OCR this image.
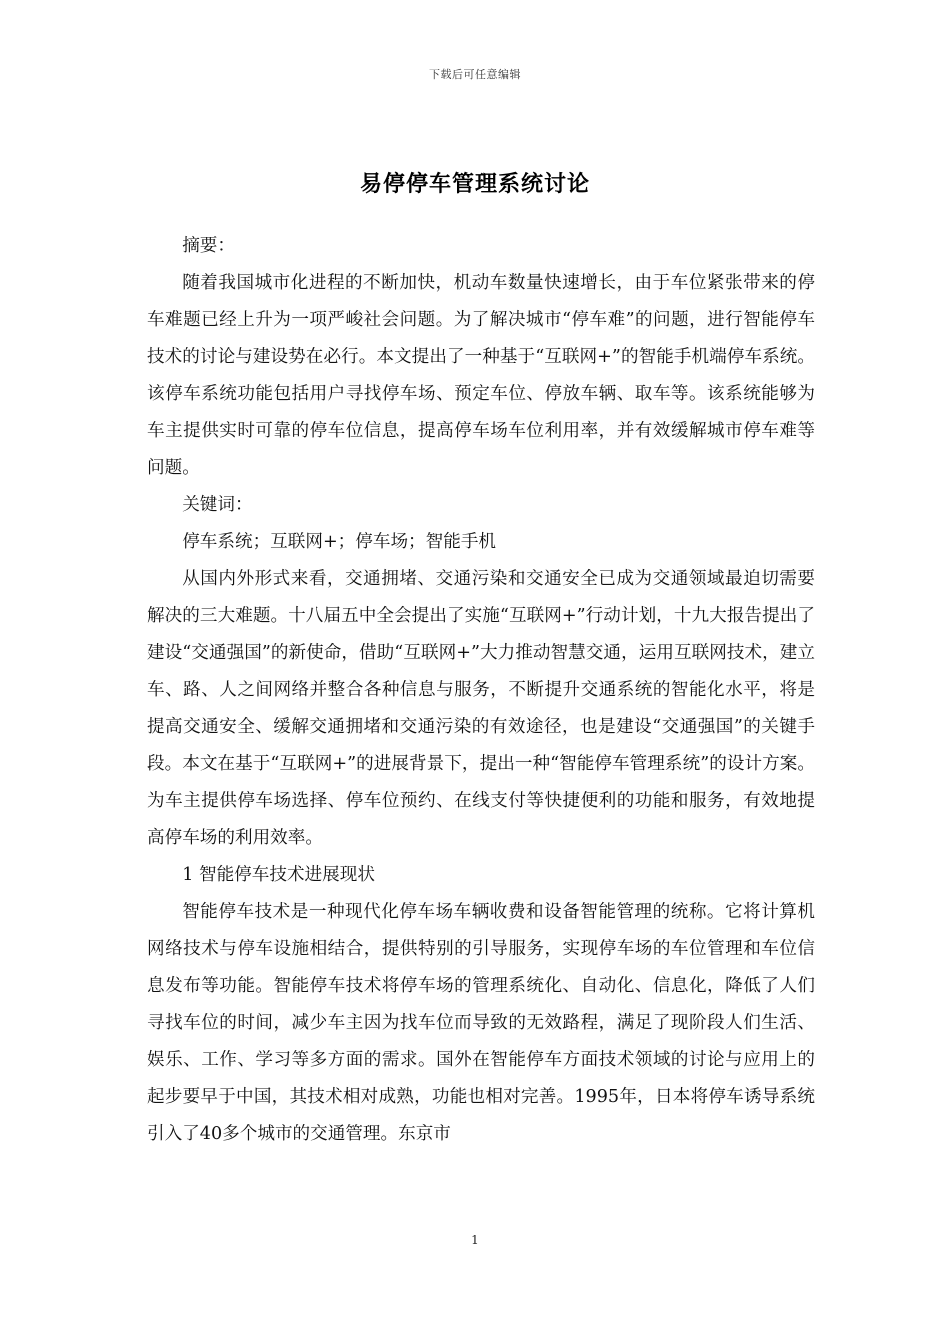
下载后可任意编辑
易停停车管理系统讨论

摘要：

随着我国城市化进程的不断加快，机动车数量快速增长，由于车位紧张带来的停车难题已经上升为一项严峻社会问题。为了解决城市“停车难”的问题，进行智能停车技术的讨论与建设势在必行。本文提出了一种基于“互联网+”的智能手机端停车系统。该停车系统功能包括用户寻找停车场、预定车位、停放车辆、取车等。该系统能够为车主提供实时可靠的停车位信息，提高停车场车位利用率，并有效缓解城市停车难等问题。

关键词：

停车系统；互联网+；停车场；智能手机

从国内外形式来看，交通拥堵、交通污染和交通安全已成为交通领域最迫切需要解决的三大难题。十八届五中全会提出了实施“互联网+”行动计划，十九大报告提出了建设“交通强国”的新使命，借助“互联网+”大力推动智慧交通，运用互联网技术，建立车、路、人之间网络并整合各种信息与服务，不断提升交通系统的智能化水平，将是提高交通安全、缓解交通拥堵和交通污染的有效途径，也是建设“交通强国”的关键手段。本文在基于“互联网+”的进展背景下，提出一种“智能停车管理系统”的设计方案。为车主提供停车场选择、停车位预约、在线支付等快捷便利的功能和服务，有效地提高停车场的利用效率。

1 智能停车技术进展现状

智能停车技术是一种现代化停车场车辆收费和设备智能管理的统称。它将计算机网络技术与停车设施相结合，提供特别的引导服务，实现停车场的车位管理和车位信息发布等功能。智能停车技术将停车场的管理系统化、自动化、信息化，降低了人们寻找车位的时间，减少车主因为找车位而导致的无效路程，满足了现阶段人们生活、娱乐、工作、学习等多方面的需求。国外在智能停车方面技术领域的讨论与应用上的起步要早于中国，其技术相对成熟，功能也相对完善。1995年，日本将停车诱导系统引入了40多个城市的交通管理。东京市

1
